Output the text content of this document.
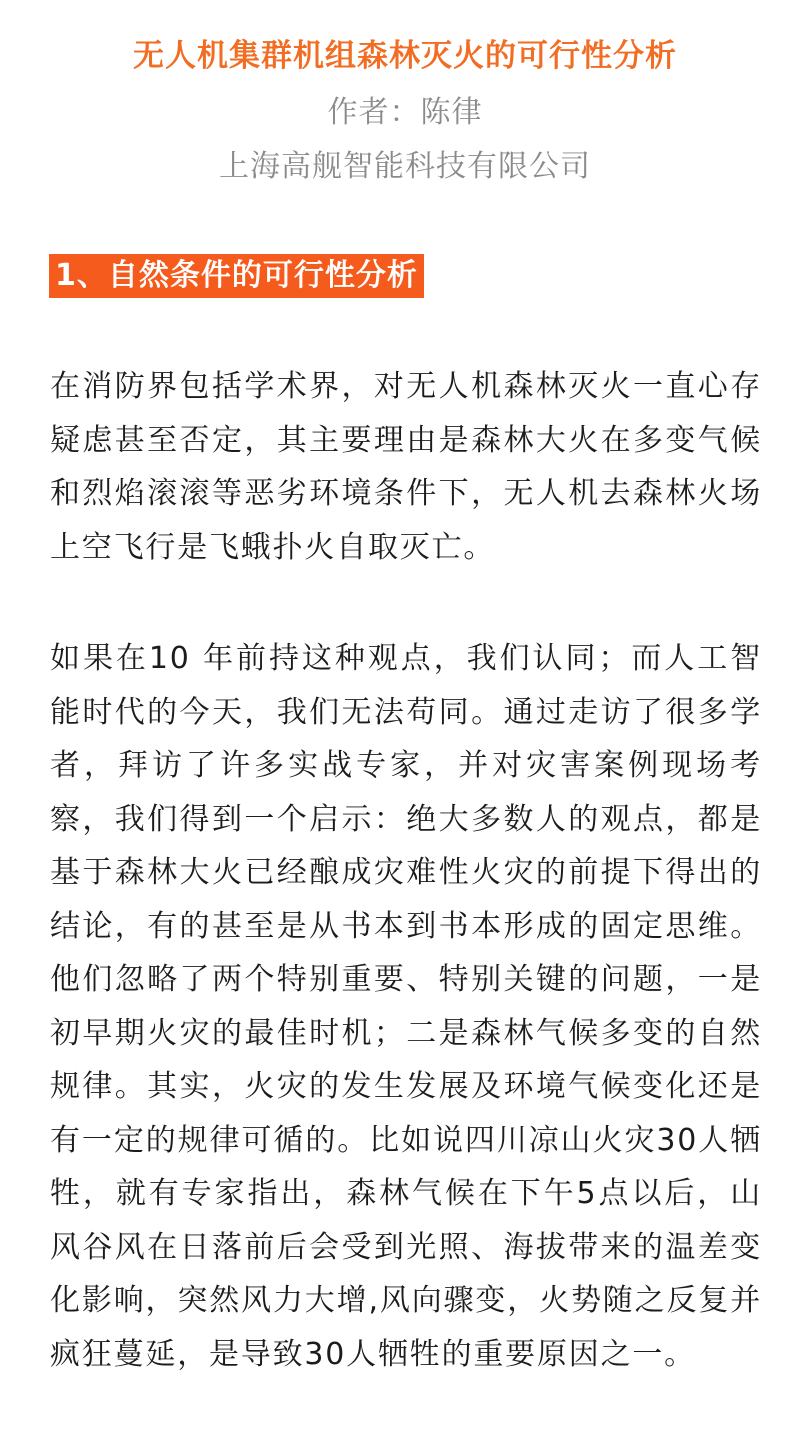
无人机集群机组森林灭火的可行性分析
作者：陈律
上海高舰智能科技有限公司
1、自然条件的可行性分析

在消防界包括学术界，对无人机森林灭火一直心存疑虑甚至否定，其主要理由是森林大火在多变气候和烈焰滚滚等恶劣环境条件下，无人机去森林火场上空飞行是飞蛾扑火自取灭亡。

如果在10 年前持这种观点，我们认同；而人工智能时代的今天，我们无法苟同。通过走访了很多学者，拜访了许多实战专家，并对灾害案例现场考察，我们得到一个启示：绝大多数人的观点，都是基于森林大火已经酿成灾难性火灾的前提下得出的结论，有的甚至是从书本到书本形成的固定思维。他们忽略了两个特别重要、特别关键的问题，一是初早期火灾的最佳时机；二是森林气候多变的自然规律。其实，火灾的发生发展及环境气候变化还是有一定的规律可循的。比如说四川凉山火灾30人牺牲，就有专家指出，森林气候在下午5点以后，山风谷风在日落前后会受到光照、海拔带来的温差变化影响，突然风力大增,风向骤变，火势随之反复并疯狂蔓延，是导致30人牺牲的重要原因之一。
